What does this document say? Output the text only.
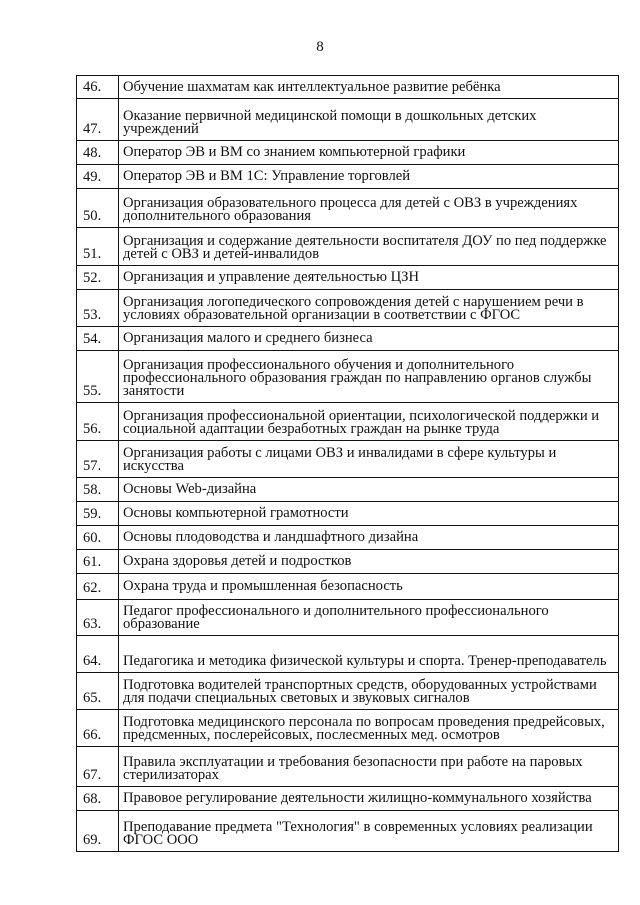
8
46.	Обучение шахматам как интеллектуальное развитие ребёнка
47.	Оказание первичной медицинской помощи в дошкольных детских учреждений
48.	Оператор ЭВ и ВМ со знанием компьютерной графики
49.	Оператор ЭВ и ВМ 1С: Управление торговлей
50.	Организация образовательного процесса для детей с ОВЗ в учреждениях дополнительного образования
51.	Организация и содержание деятельности воспитателя ДОУ по пед поддержке детей с ОВЗ и детей-инвалидов
52.	Организация и управление деятельностью ЦЗН
53.	Организация логопедического сопровождения детей с нарушением речи в условиях образовательной организации в соответствии с ФГОС
54.	Организация малого и среднего бизнеса
55.	Организация профессионального обучения и дополнительного профессионального образования граждан по направлению органов службы занятости
56.	Организация профессиональной ориентации, психологической поддержки и социальной адаптации безработных граждан на рынке труда
57.	Организация работы с лицами ОВЗ и инвалидами в сфере культуры и искусства
58.	Основы Web-дизайна
59.	Основы компьютерной грамотности
60.	Основы плодоводства и ландшафтного дизайна
61.	Охрана здоровья детей и подростков
62.	Охрана труда и промышленная безопасность
63.	Педагог профессионального и дополнительного профессионального образование
64.	Педагогика и методика физической культуры и спорта. Тренер-преподаватель
65.	Подготовка водителей транспортных средств, оборудованных устройствами для подачи специальных световых и звуковых сигналов
66.	Подготовка медицинского персонала по вопросам проведения предрейсовых, предсменных, послерейсовых, послесменных мед. осмотров
67.	Правила эксплуатации и требования безопасности при работе на паровых стерилизаторах
68.	Правовое регулирование деятельности жилищно-коммунального хозяйства
69.	Преподавание предмета "Технология" в современных условиях реализации ФГОС ООО
